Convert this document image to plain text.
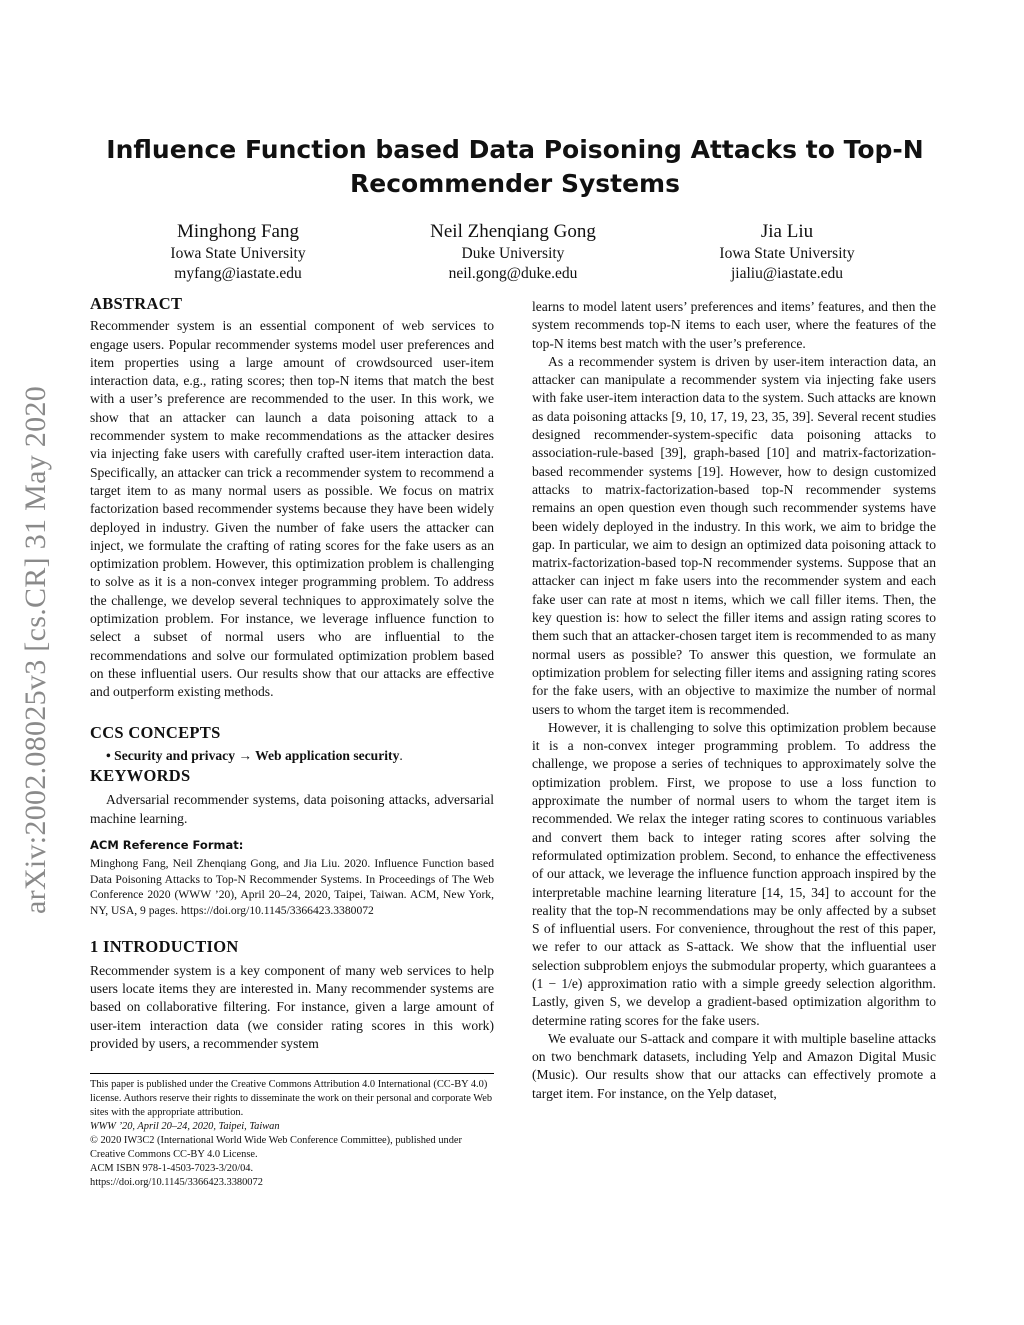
arXiv:2002.08025v3 [cs.CR] 31 May 2020
Influence Function based Data Poisoning Attacks to Top-N
Recommender Systems
Minghong Fang
Iowa State University
myfang@iastate.edu
Neil Zhenqiang Gong
Duke University
neil.gong@duke.edu
Jia Liu
Iowa State University
jialiu@iastate.edu
ABSTRACT

Recommender system is an essential component of web services to engage users. Popular recommender systems model user preferences and item properties using a large amount of crowdsourced user-item interaction data, e.g., rating scores; then top-N items that match the best with a user’s preference are recommended to the user. In this work, we show that an attacker can launch a data poisoning attack to a recommender system to make recommendations as the attacker desires via injecting fake users with carefully crafted user-item interaction data. Specifically, an attacker can trick a recommender system to recommend a target item to as many normal users as possible. We focus on matrix factorization based recommender systems because they have been widely deployed in industry. Given the number of fake users the attacker can inject, we formulate the crafting of rating scores for the fake users as an optimization problem. However, this optimization problem is challenging to solve as it is a non-convex integer programming problem. To address the challenge, we develop several techniques to approximately solve the optimization problem. For instance, we leverage influence function to select a subset of normal users who are influential to the recommendations and solve our formulated optimization problem based on these influential users. Our results show that our attacks are effective and outperform existing methods.

CCS CONCEPTS

• Security and privacy → Web application security.

KEYWORDS

Adversarial recommender systems, data poisoning attacks, adversarial machine learning.

ACM Reference Format:

Minghong Fang, Neil Zhenqiang Gong, and Jia Liu. 2020. Influence Function based Data Poisoning Attacks to Top-N Recommender Systems. In Proceedings of The Web Conference 2020 (WWW ’20), April 20–24, 2020, Taipei, Taiwan. ACM, New York, NY, USA, 9 pages. https://doi.org/10.1145/3366423.3380072

1 INTRODUCTION

Recommender system is a key component of many web services to help users locate items they are interested in. Many recommender systems are based on collaborative filtering. For instance, given a large amount of user-item interaction data (we consider rating scores in this work) provided by users, a recommender system

This paper is published under the Creative Commons Attribution 4.0 International (CC-BY 4.0) license. Authors reserve their rights to disseminate the work on their personal and corporate Web sites with the appropriate attribution.
WWW ’20, April 20–24, 2020, Taipei, Taiwan
© 2020 IW3C2 (International World Wide Web Conference Committee), published under Creative Commons CC-BY 4.0 License.
ACM ISBN 978-1-4503-7023-3/20/04.
https://doi.org/10.1145/3366423.3380072

learns to model latent users’ preferences and items’ features, and then the system recommends top-N items to each user, where the features of the top-N items best match with the user’s preference.

As a recommender system is driven by user-item interaction data, an attacker can manipulate a recommender system via injecting fake users with fake user-item interaction data to the system. Such attacks are known as data poisoning attacks [9, 10, 17, 19, 23, 35, 39]. Several recent studies designed recommender-system-specific data poisoning attacks to association-rule-based [39], graph-based [10] and matrix-factorization-based recommender systems [19]. However, how to design customized attacks to matrix-factorization-based top-N recommender systems remains an open question even though such recommender systems have been widely deployed in the industry. In this work, we aim to bridge the gap. In particular, we aim to design an optimized data poisoning attack to matrix-factorization-based top-N recommender systems. Suppose that an attacker can inject m fake users into the recommender system and each fake user can rate at most n items, which we call filler items. Then, the key question is: how to select the filler items and assign rating scores to them such that an attacker-chosen target item is recommended to as many normal users as possible? To answer this question, we formulate an optimization problem for selecting filler items and assigning rating scores for the fake users, with an objective to maximize the number of normal users to whom the target item is recommended.

However, it is challenging to solve this optimization problem because it is a non-convex integer programming problem. To address the challenge, we propose a series of techniques to approximately solve the optimization problem. First, we propose to use a loss function to approximate the number of normal users to whom the target item is recommended. We relax the integer rating scores to continuous variables and convert them back to integer rating scores after solving the reformulated optimization problem. Second, to enhance the effectiveness of our attack, we leverage the influence function approach inspired by the interpretable machine learning literature [14, 15, 34] to account for the reality that the top-N recommendations may be only affected by a subset S of influential users. For convenience, throughout the rest of this paper, we refer to our attack as S-attack. We show that the influential user selection subproblem enjoys the submodular property, which guarantees a (1 − 1/e) approximation ratio with a simple greedy selection algorithm. Lastly, given S, we develop a gradient-based optimization algorithm to determine rating scores for the fake users.

We evaluate our S-attack and compare it with multiple baseline attacks on two benchmark datasets, including Yelp and Amazon Digital Music (Music). Our results show that our attacks can effectively promote a target item. For instance, on the Yelp dataset,
